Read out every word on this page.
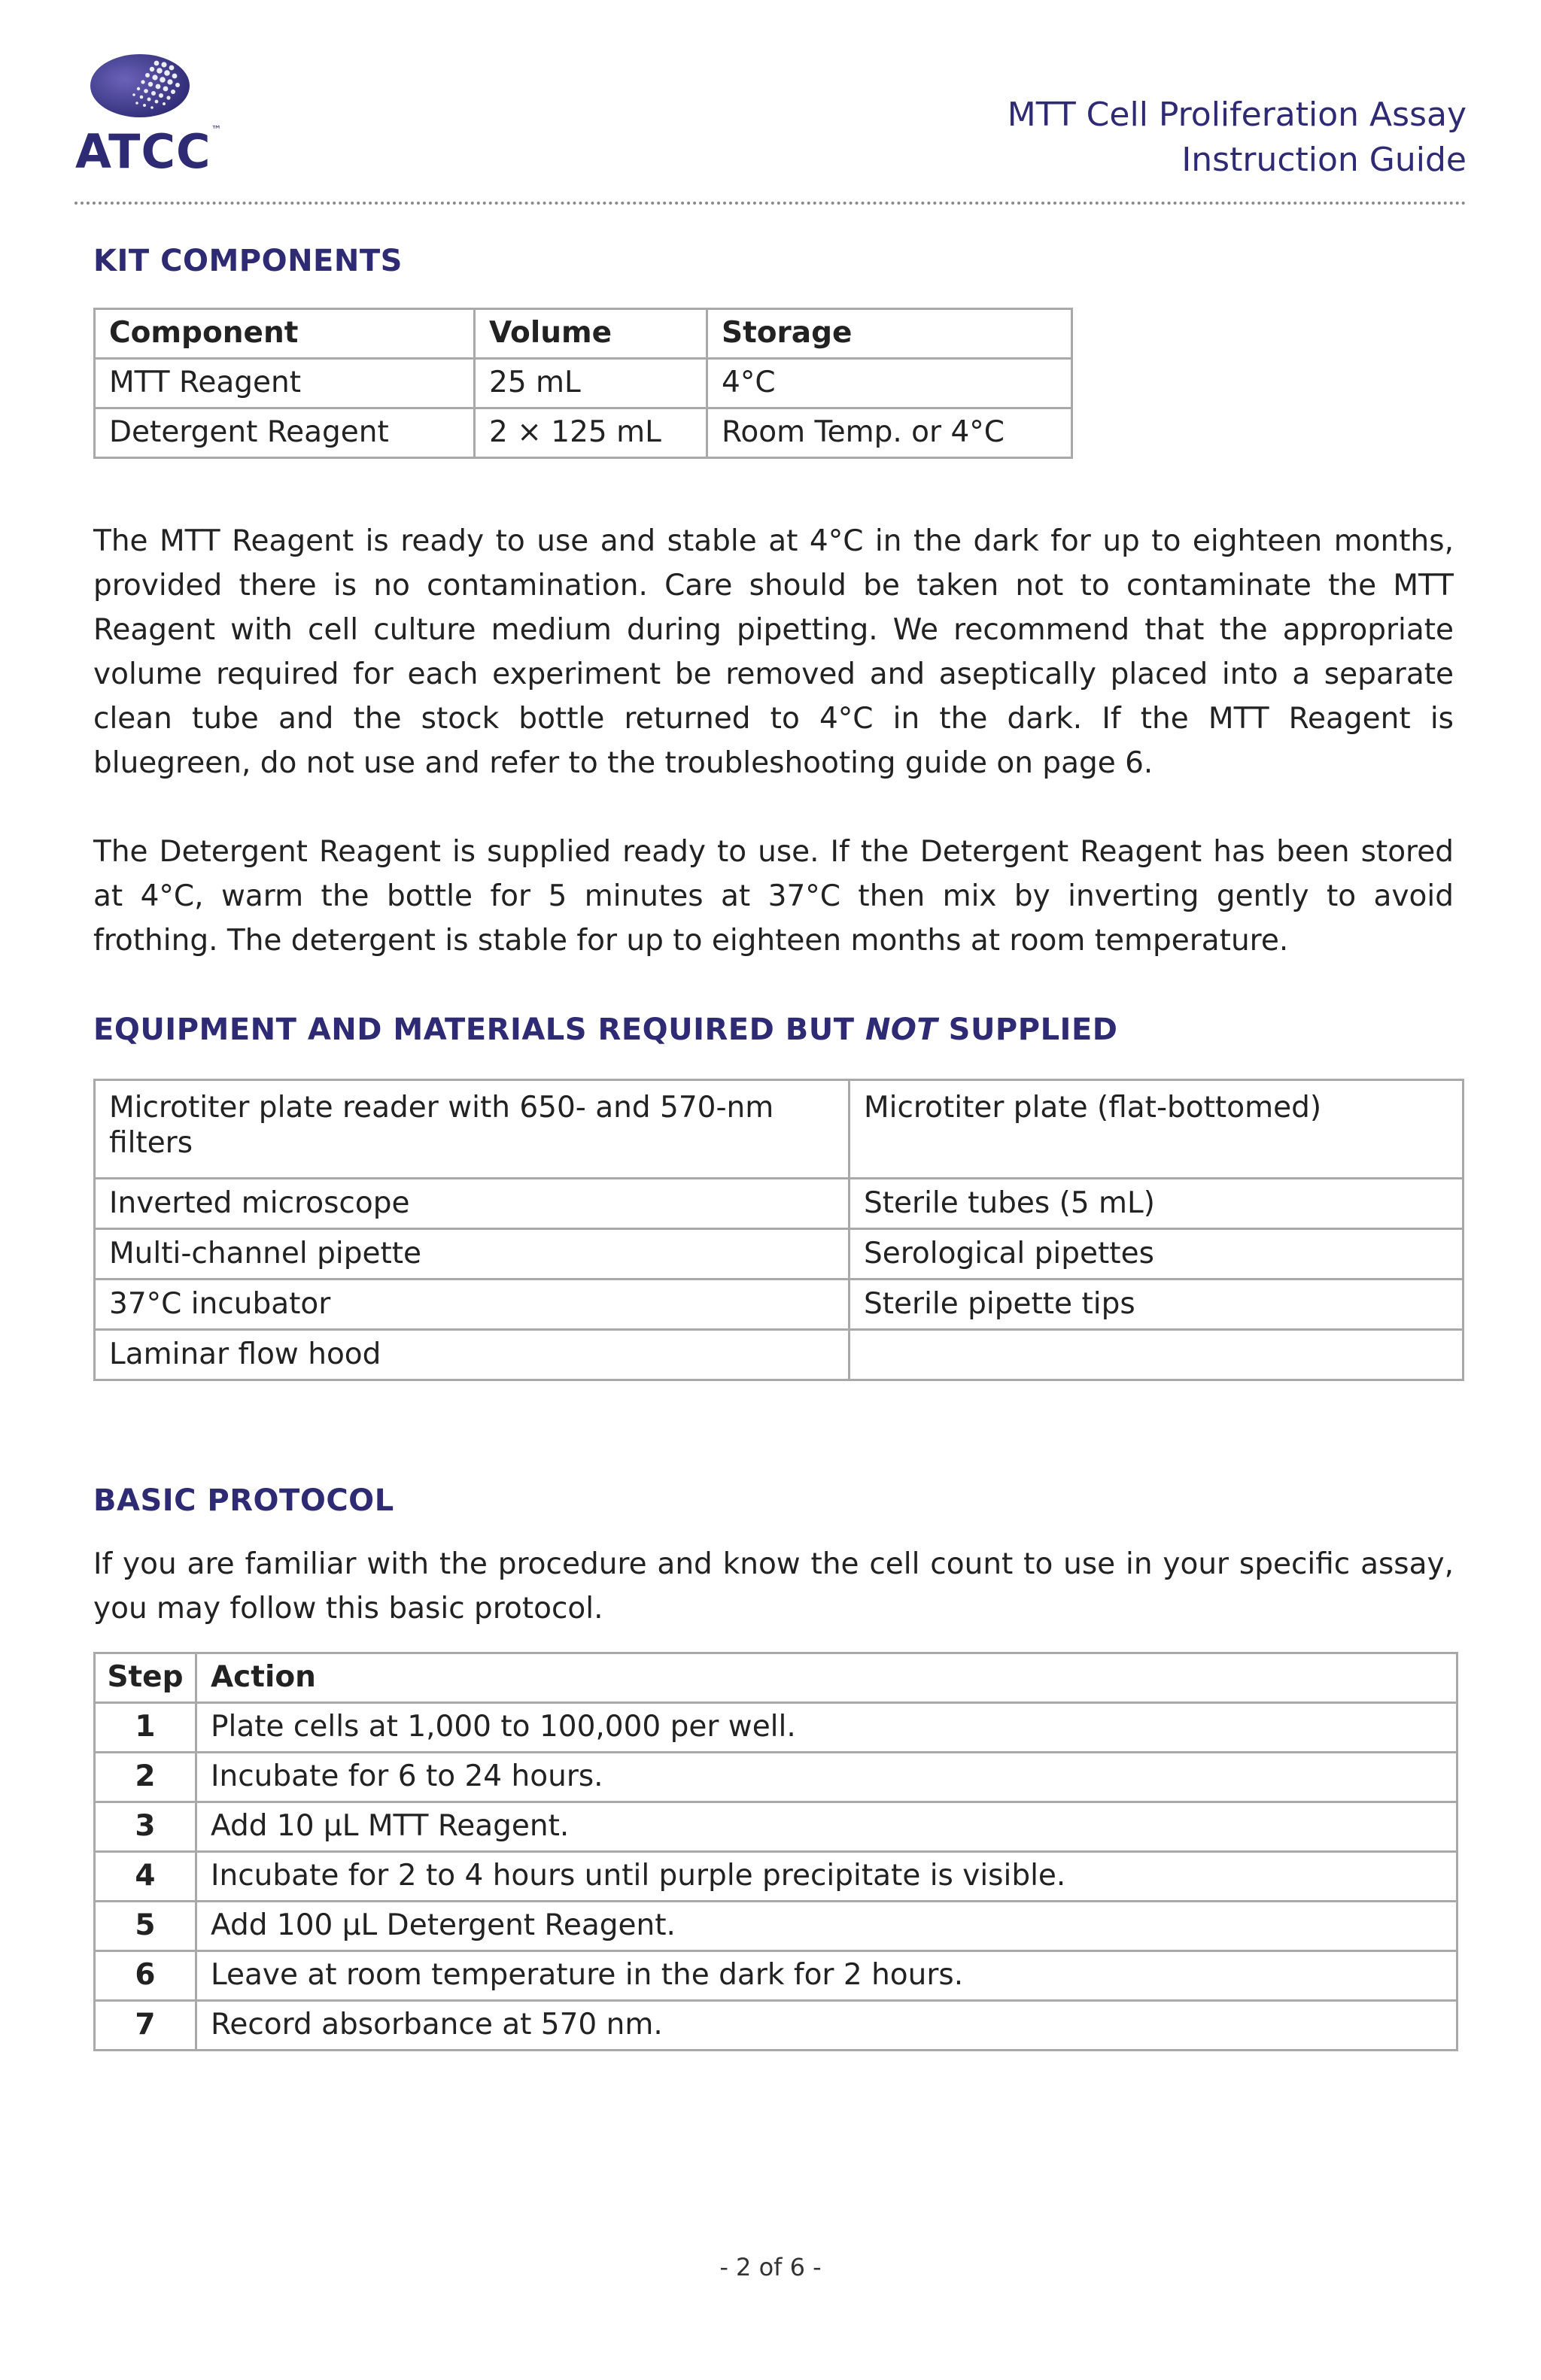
ATCC™	MTT Cell Proliferation Assay
Instruction Guide
KIT COMPONENTS
Component	Volume	Storage
MTT Reagent	25 mL	4°C
Detergent Reagent	2 × 125 mL	Room Temp. or 4°C

The MTT Reagent is ready to use and stable at 4°C in the dark for up to eighteen months, provided there is no contamination. Care should be taken not to contaminate the MTT Reagent with cell culture medium during pipetting. We recommend that the appropriate volume required for each experiment be removed and aseptically placed into a separate clean tube and the stock bottle returned to 4°C in the dark. If the MTT Reagent is bluegreen, do not use and refer to the troubleshooting guide on page 6.

The Detergent Reagent is supplied ready to use. If the Detergent Reagent has been stored at 4°C, warm the bottle for 5 minutes at 37°C then mix by inverting gently to avoid frothing. The detergent is stable for up to eighteen months at room temperature.

EQUIPMENT AND MATERIALS REQUIRED BUT NOT SUPPLIED
Microtiter plate reader with 650- and 570-nm filters	Microtiter plate (flat-bottomed)
Inverted microscope	Sterile tubes (5 mL)
Multi-channel pipette	Serological pipettes
37°C incubator	Sterile pipette tips
Laminar flow hood	
BASIC PROTOCOL

If you are familiar with the procedure and know the cell count to use in your specific assay, you may follow this basic protocol.

Step	Action
1	Plate cells at 1,000 to 100,000 per well.
2	Incubate for 6 to 24 hours.
3	Add 10 µL MTT Reagent.
4	Incubate for 2 to 4 hours until purple precipitate is visible.
5	Add 100 µL Detergent Reagent.
6	Leave at room temperature in the dark for 2 hours.
7	Record absorbance at 570 nm.
- 2 of 6 -
